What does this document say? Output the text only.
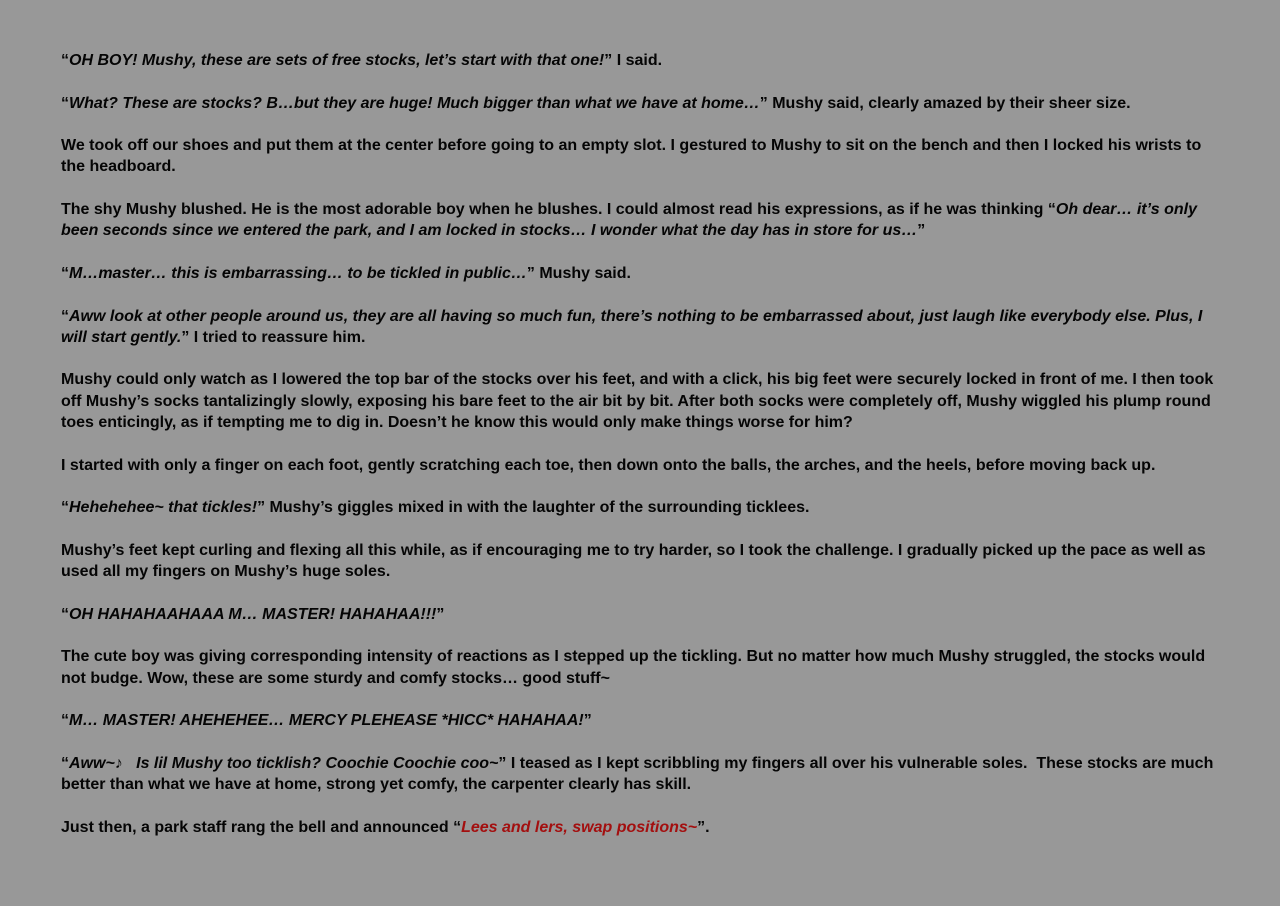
“OH BOY! Mushy, these are sets of free stocks, let’s start with that one!” I said.

“What? These are stocks? B…but they are huge! Much bigger than what we have at home…” Mushy said, clearly amazed by their sheer size.

We took off our shoes and put them at the center before going to an empty slot. I gestured to Mushy to sit on the bench and then I locked his wrists to the headboard.

The shy Mushy blushed. He is the most adorable boy when he blushes. I could almost read his expressions, as if he was thinking “Oh dear… it’s only been seconds since we entered the park, and I am locked in stocks… I wonder what the day has in store for us…”

“M…master… this is embarrassing… to be tickled in public…” Mushy said.

“Aww look at other people around us, they are all having so much fun, there’s nothing to be embarrassed about, just laugh like everybody else. Plus, I will start gently.” I tried to reassure him.

Mushy could only watch as I lowered the top bar of the stocks over his feet, and with a click, his big feet were securely locked in front of me. I then took off Mushy’s socks tantalizingly slowly, exposing his bare feet to the air bit by bit. After both socks were completely off, Mushy wiggled his plump round toes enticingly, as if tempting me to dig in. Doesn’t he know this would only make things worse for him?

I started with only a finger on each foot, gently scratching each toe, then down onto the balls, the arches, and the heels, before moving back up.

“Hehehehee~ that tickles!” Mushy’s giggles mixed in with the laughter of the surrounding ticklees.

Mushy’s feet kept curling and flexing all this while, as if encouraging me to try harder, so I took the challenge. I gradually picked up the pace as well as used all my fingers on Mushy’s huge soles.

“OH HAHAHAAHAAA M… MASTER! HAHAHAA!!!”

The cute boy was giving corresponding intensity of reactions as I stepped up the tickling. But no matter how much Mushy struggled, the stocks would not budge. Wow, these are some sturdy and comfy stocks… good stuff~

“M… MASTER! AHEHEHEE… MERCY PLEHEASE *HICC* HAHAHAA!”

“Aww~♪   Is lil Mushy too ticklish? Coochie Coochie coo~” I teased as I kept scribbling my fingers all over his vulnerable soles.  These stocks are much better than what we have at home, strong yet comfy, the carpenter clearly has skill.

Just then, a park staff rang the bell and announced “Lees and lers, swap positions~”.
